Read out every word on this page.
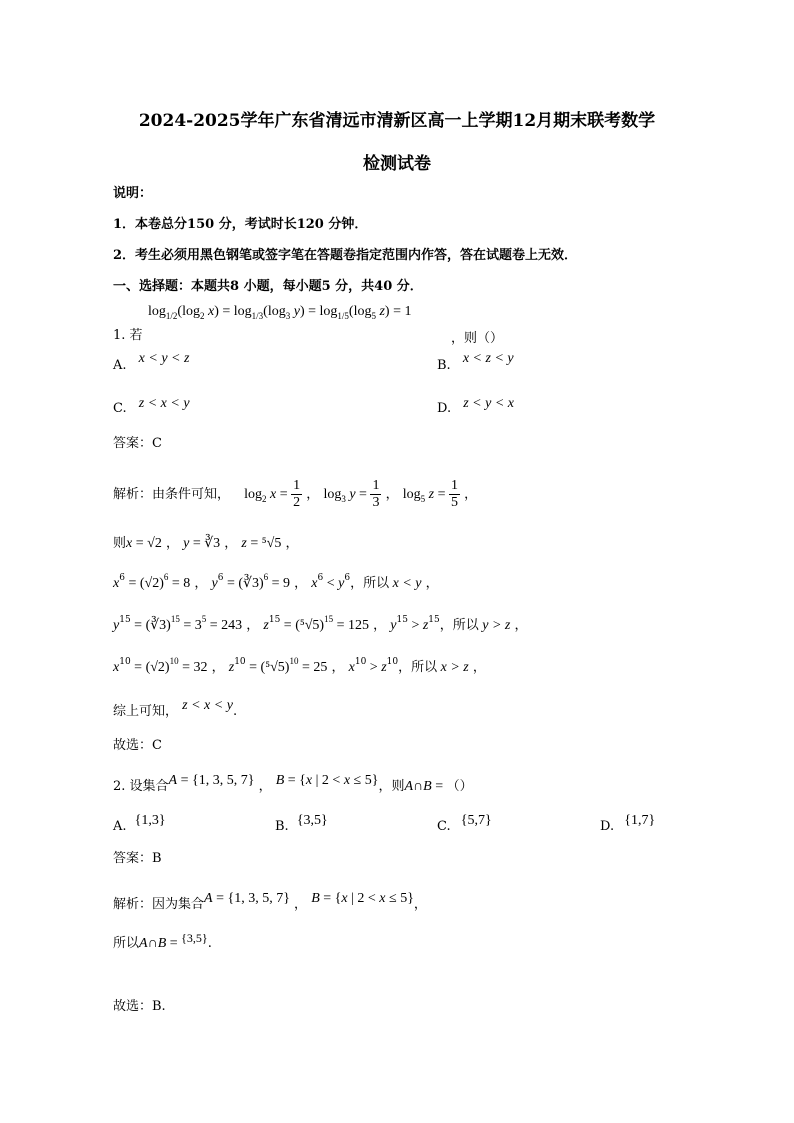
2024-2025学年广东省清远市清新区高一上学期12月期末联考数学
检测试卷
说明：
1．本卷总分150 分，考试时长120 分钟．
2．考生必须用黑色钢笔或签字笔在答题卷指定范围内作答，答在试题卷上无效．
一、选择题：本题共8 小题，每小题5 分，共40 分．
$\log_{1/2}(\log_2$ $x) = \log_{1/3}(\log_3$ $y) = \log_{1/5}(\log_5$ z) = 1
1. 若	，则（）
A. x < y < z	B. x < z < y
C. z < x < y	D. z < y < x
答案：C
解析：由条件可知， $\log_2 x = \frac{1}{2}$ ， $\log_3 y = \frac{1}{3}$ ， $\log_5 z = \frac{1}{5}$ ，
则x = √2 ， y = ∛3 ， z = ⁵√5 ，
$x^6 = (√2)^6 = 8$ ， $y^6$ = (∛3)$^6$ = 9 ， $x^6 < y^6$，所以 x < y ，
$y^{15}$ = (∛3)$^{15}$ = $3^5 = 243$ ， $z^{15} = (^5√5)^{15} = 125$ ， $y^{15} > z^{15}$，所以 y > z ，
$x^{10} = (√2)^{10} = 32$ ， $z^{10} = (^5√5)^{10} = 25$ ， $x^{10} > z^{10}$，所以 x > z ，
综上可知， z < x < y.
故选：C
2. 设集合A = {1, 3, 5, 7} ， B = {x | 2 < x ≤ 5}，则A∩B = （）
A. {1,3}	B. {3,5}	C. {5,7}	D. {1,7}
答案：B
解析：因为集合A = {1, 3, 5, 7} ， B = {x | 2 < x ≤ 5}，
所以A∩B = {3,5}.
故选：B.
